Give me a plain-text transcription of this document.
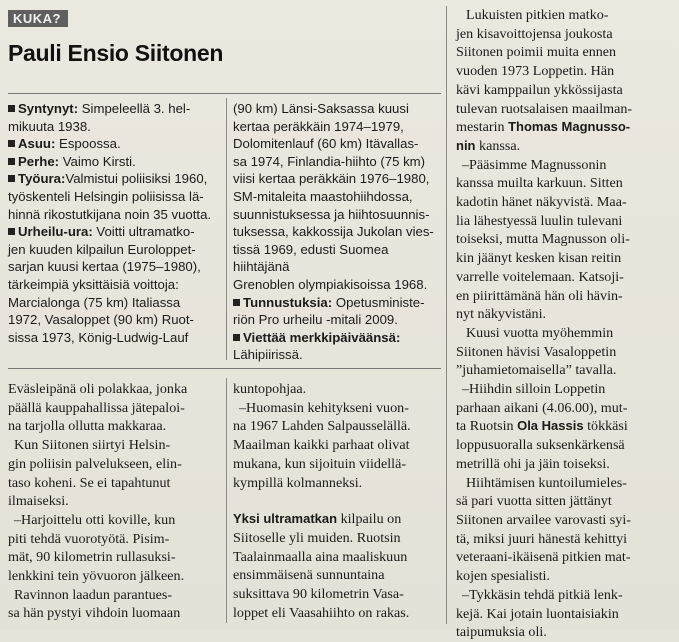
KUKA?
Pauli Ensio Siitonen

Syntynyt: Simpeleellä 3. hel-

mikuuta 1938.

Asuu: Espoossa.

Perhe: Vaimo Kirsti.

Työura:Valmistui poliisiksi 1960,

työskenteli Helsingin poliisissa lä-

hinnä rikostutkijana noin 35 vuotta.

Urheilu-ura: Voitti ultramatko-

jen kuuden kilpailun Euroloppet-

sarjan kuusi kertaa (1975–1980),

tärkeimpiä yksittäisiä voittoja:

Marcialonga (75 km) Italiassa

1972, Vasaloppet (90 km) Ruot-

sissa 1973, König-Ludwig-Lauf

(90 km) Länsi-Saksassa kuusi

kertaa peräkkäin 1974–1979,

Dolomitenlauf (60 km) Itävallas-

sa 1974, Finlandia-hiihto (75 km)

viisi kertaa peräkkäin 1976–1980,

SM-mitaleita maastohiihdossa,

suunnistuksessa ja hiihtosuunnis-

tuksessa, kakkossija Jukolan vies-

tissä 1969, edusti Suomea hiihtäjänä

Grenoblen olympiakisoissa 1968.

Tunnustuksia: Opetusministe-

riön Pro urheilu -mitali 2009.

Viettää merkkipäiväänsä:

Lähipiirissä.

Eväsleipänä oli polakkaa, jonka

päällä kauppahallissa jätepaloi-

na tarjolla ollutta makkaraa.

Kun Siitonen siirtyi Helsin-

gin poliisin palvelukseen, elin-

taso koheni. Se ei tapahtunut

ilmaiseksi.

–Harjoittelu otti koville, kun

piti tehdä vuorotyötä. Pisim-

mät, 90 kilometrin rullasuksi-

lenkkini tein yövuoron jälkeen.

Ravinnon laadun parantues-

sa hän pystyi vihdoin luomaan

kuntopohjaa.

–Huomasin kehitykseni vuon-

na 1967 Lahden Salpausselällä.

Maailman kaikki parhaat olivat

mukana, kun sijoituin viidellä-

kympillä kolmanneksi.

Yksi ultramatkan kilpailu on

Siitoselle yli muiden. Ruotsin

Taalainmaalla aina maaliskuun

ensimmäisenä sunnuntaina

suksittava 90 kilometrin Vasa-

loppet eli Vaasahiihto on rakas.

Lukuisten pitkien matko-

jen kisavoittojensa joukosta

Siitonen poimii muita ennen

vuoden 1973 Loppetin. Hän

kävi kamppailun ykkössijasta

tulevan ruotsalaisen maailman-

mestarin Thomas Magnusso-

nin kanssa.

–Pääsimme Magnussonin

kanssa muilta karkuun. Sitten

kadotin hänet näkyvistä. Maa-

lia lähestyessä luulin tulevani

toiseksi, mutta Magnusson oli-

kin jäänyt kesken kisan reitin

varrelle voitelemaan. Katsoji-

en piirittämänä hän oli hävin-

nyt näkyvistäni.

Kuusi vuotta myöhemmin

Siitonen hävisi Vasaloppetin

”juhamietomaisella” tavalla.

–Hiihdin silloin Loppetin

parhaan aikani (4.06.00), mut-

ta Ruotsin Ola Hassis tökkäsi

loppusuoralla suksenkärkensä

metrillä ohi ja jäin toiseksi.

Hiihtämisen kuntoilumieles-

sä pari vuotta sitten jättänyt

Siitonen arvailee varovasti syi-

tä, miksi juuri hänestä kehittyi

veteraani-ikäisenä pitkien mat-

kojen spesialisti.

–Tykkäsin tehdä pitkiä lenk-

kejä. Kai jotain luontaisiakin

taipumuksia oli.
